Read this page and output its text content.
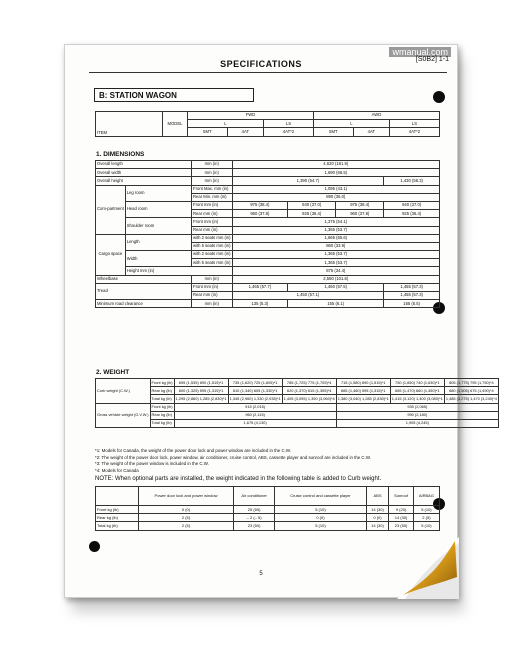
wmanual.com
SPECIFICATIONS	[S0B2] 1-1
B: STATION WAGON
ITEM	MODEL	FWD			AWD		
		L		LS	L		LS
		5MT	4AT	4AT*2	5MT	4AT	4AT*2
1. DIMENSIONS
Overall length		mm (in)	4,620 (181.9)			
Overall width		mm (in)	1,690 (66.5)			
Overall height		mm (in)	1,390 (54.7)			1,430 (56.3)
Com-partment	Leg room	Front Max. mm (in)	1,095 (43.1)			
		Rear Min. mm (in)	890 (35.0)			
	Head room	Front mm (in)	975 (38.4)	940 (37.0)	975 (38.4)	940 (37.0)
		Rear mm (in)	960 (37.8)	925 (36.4)	960 (37.8)	925 (36.4)
	Shoulder room	Front mm (in)	1,375 (54.1)			
		Rear mm (in)	1,355 (53.7)			
Cargo space	Length	with 2 seats mm (in)	1,665 (65.6)			
		with 5 seats mm (in)	860 (33.9)			
	Width	with 2 seats mm (in)	1,365 (53.7)			
		with 5 seats mm (in)	1,365 (53.7)			
	Height mm (in)		875 (34.4)			
Wheelbase		mm (in)	2,580 (101.6)			
Tread		Front mm (in)	1,465 (57.7)	1,460 (57.5)		1,455 (57.3)
		Rear mm (in)	1,450 (57.1)			1,455 (57.3)
Minimum road clearance		mm (in)	135 (5.3)	155 (6.1)		165 (6.5)
2. WEIGHT
Curb weight (C.W.)	Front kg (lb)	695 (1,535) 690 (1,515)*1	735 (1,620) 725 (1,605)*1	785 (1,725) 775 (1,705)*4	715 (1,580) 690 (1,515)*1	750 (1,650) 740 (1,630)*1	805 (1,775) 795 (1,750)*4
	Rear kg (lb)	600 (1,325) 595 (1,315)*1	610 (1,340) 605 (1,330)*1	620 (1,370) 615 (1,355)*4	665 (1,460) 595 (1,315)*1	665 (1,470) 660 (1,450)*1	680 (1,505) 675 (1,490)*4
	Total kg (lb)	1,295 (2,860) 1,285 (2,830)*1	1,345 (2,960) 1,330 (2,935)*1	1,405 (3,095) 1,390 (3,060)*4	1,380 (3,040) 1,285 (2,830)*1	1,415 (3,120) 1,400 (3,080)*1	1,485 (3,275) 1,470 (3,240)*4
Gross vehicle weight (G.V.W.)	Front kg (lb)	915 (2,015)			935 (2,065)		
	Rear kg (lb)	960 (2,115)			990 (2,180)		
	Total kg (lb)	1,675 (4,130)			1,905 (4,245)		
*1: Models for Canada, the weight of the power door lock and power window are included in the C.W.
*2: The weight of the power door lock, power window, air conditioner, cruise control, ABS, cassette player and sunroof are included in the C.W.
*3: The weight of the power window is included in the C.W.
*4: Models for Canada
NOTE: When optional parts are installed, the weight indicated in the following table is added to Curb weight.
	Power door lock and power window	Air conditioner	Cruise control and cassette player	ABS	Sunroof	AIRBAG
Front kg (lb)	0 (0)	25 (55)	5 (10)	14 (30)	9 (20)	5 (10)
Rear kg (lb)	2 (5)	– 2 (– 5)	0 (0)	0 (0)	14 (30)	2 (5)
Total kg (lb)	2 (5)	23 (50)	5 (10)	14 (30)	23 (50)	5 (10)
5
